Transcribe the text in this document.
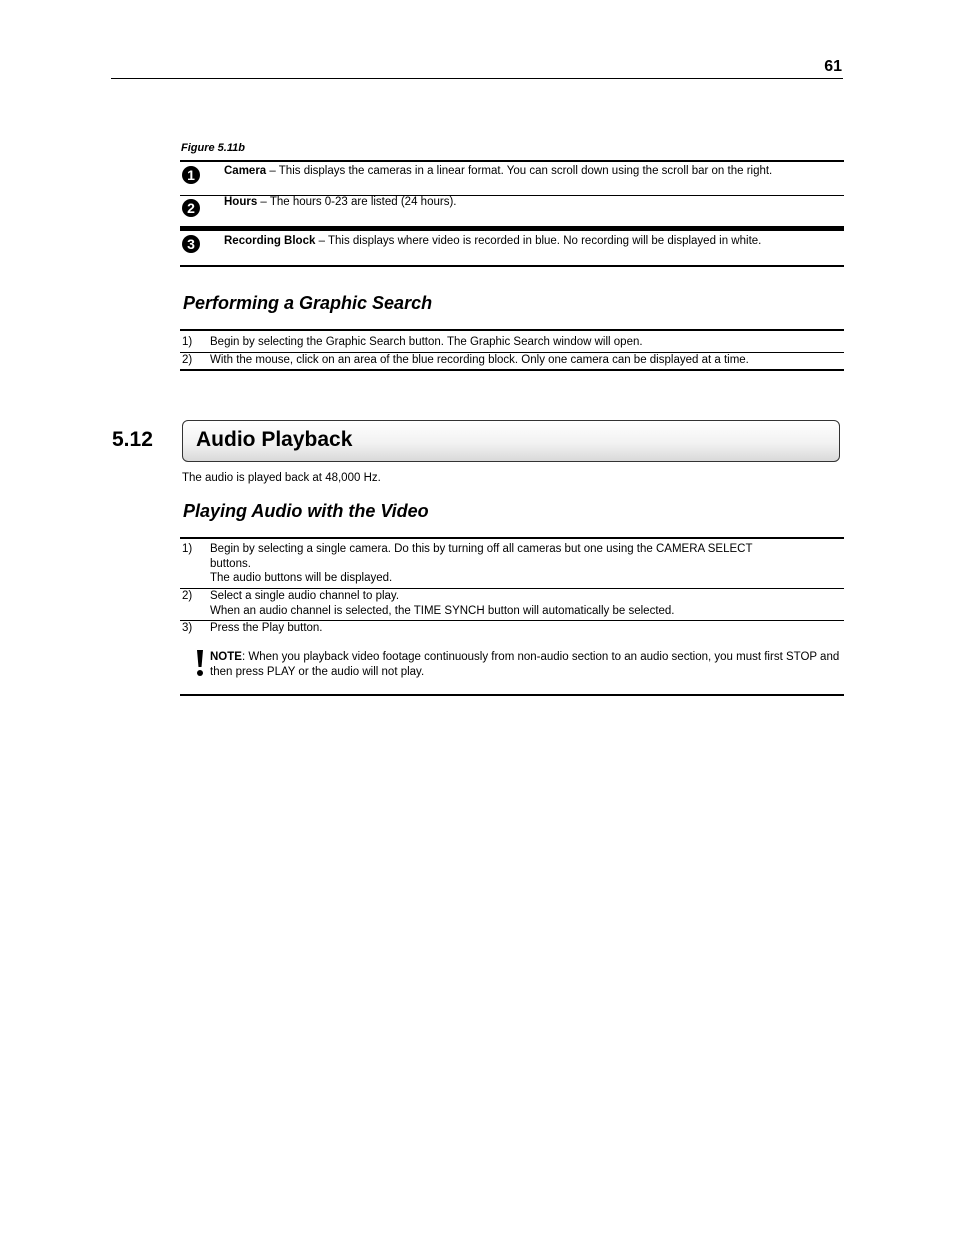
61
Figure 5.11b
1	Camera – This displays the cameras in a linear format. You can scroll down using the scroll bar on the right.
2	Hours – The hours 0-23 are listed (24 hours).
3	Recording Block – This displays where video is recorded in blue. No recording will be displayed in white.
Performing a Graphic Search
1) Begin by selecting the Graphic Search button. The Graphic Search window will open.
2) With the mouse, click on an area of the blue recording block. Only one camera can be displayed at a time.
5.12 Audio Playback
The audio is played back at 48,000 Hz.
Playing Audio with the Video
1) Begin by selecting a single camera. Do this by turning off all cameras but one using the CAMERA SELECT
buttons.
The audio buttons will be displayed.
2) Select a single audio channel to play.
When an audio channel is selected, the TIME SYNCH button will automatically be selected.
3) Press the Play button.
NOTE: When you playback video footage continuously from non-audio section to an audio section, you must first STOP and then press PLAY or the audio will not play.
